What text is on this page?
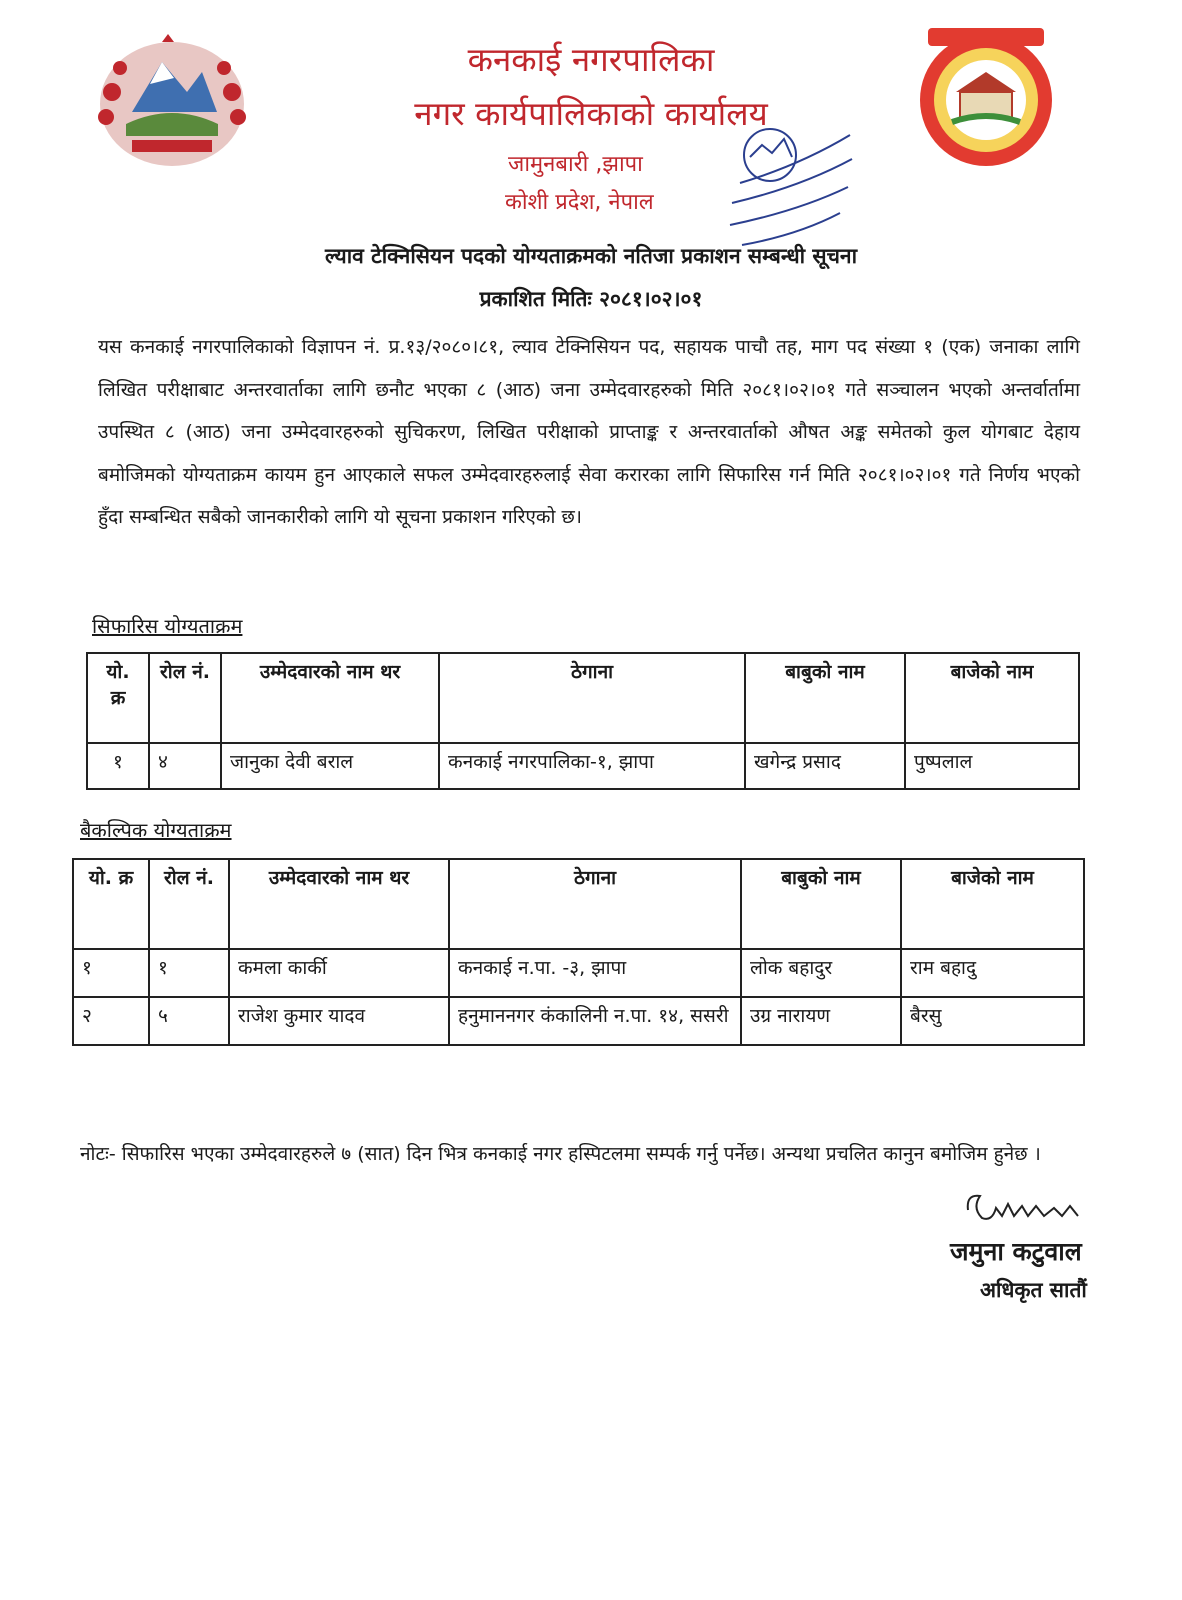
कनकाई नगरपालिका
नगर कार्यपालिकाको कार्यालय
जामुनबारी ,झापा
कोशी प्रदेश, नेपाल
ल्याव टेक्निसियन पदको योग्यताक्रमको नतिजा प्रकाशन सम्बन्धी सूचना
प्रकाशित मितिः २०८१।०२।०१
यस कनकाई नगरपालिकाको विज्ञापन नं. प्र.१३/२०८०।८१, ल्याव टेक्निसियन पद, सहायक पाचौ तह, माग पद संख्या १ (एक) जनाका लागि लिखित परीक्षाबाट अन्तरवार्ताका लागि छनौट भएका ८ (आठ) जना उम्मेदवारहरुको मिति २०८१।०२।०१ गते सञ्चालन भएको अन्तर्वार्तामा उपस्थित ८ (आठ) जना उम्मेदवारहरुको सुचिकरण, लिखित परीक्षाको प्राप्ताङ्क र अन्तरवार्ताको औषत अङ्क समेतको कुल योगबाट देहाय बमोजिमको योग्यताक्रम कायम हुन आएकाले सफल उम्मेदवारहरुलाई सेवा करारका लागि सिफारिस गर्न मिति २०८१।०२।०१ गते निर्णय भएको हुँदा सम्बन्धित सबैको जानकारीको लागि यो सूचना प्रकाशन गरिएको छ।
सिफारिस योग्यताक्रम
यो. क्र	रोल नं.	उम्मेदवारको नाम थर	ठेगाना	बाबुको नाम	बाजेको नाम
१	४	जानुका देवी बराल	कनकाई नगरपालिका-१, झापा	खगेन्द्र प्रसाद	पुष्पलाल
बैकल्पिक योग्यताक्रम
यो. क्र	रोल नं.	उम्मेदवारको नाम थर	ठेगाना	बाबुको नाम	बाजेको नाम
१	१	कमला कार्की	कनकाई न.पा. -३, झापा	लोक बहादुर	राम बहादु
२	५	राजेश कुमार यादव	हनुमाननगर कंकालिनी न.पा. १४, ससरी	उग्र नारायण	बैरसु
नोटः- सिफारिस भएका उम्मेदवारहरुले ७ (सात) दिन भित्र कनकाई नगर हस्पिटलमा सम्पर्क गर्नु पर्नेछ। अन्यथा प्रचलित कानुन बमोजिम हुनेछ ।
जमुना कटुवाल
अधिकृत सातौं
